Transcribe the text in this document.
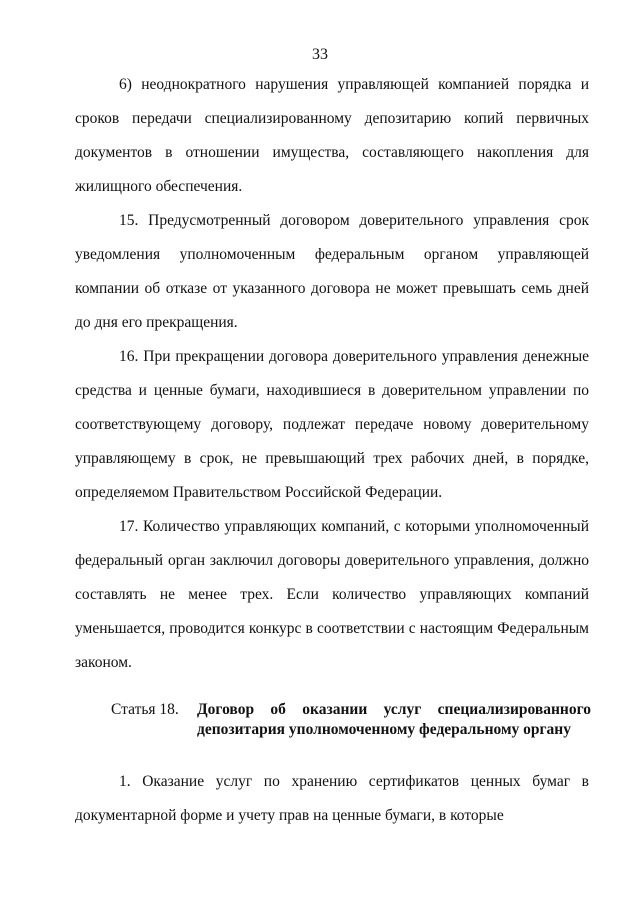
33

6) неоднократного нарушения управляющей компанией порядка и сроков передачи специализированному депозитарию копий первичных документов в отношении имущества, составляющего накопления для жилищного обеспечения.

15. Предусмотренный договором доверительного управления срок уведомления уполномоченным федеральным органом управляющей компании об отказе от указанного договора не может превышать семь дней до дня его прекращения.

16. При прекращении договора доверительного управления денежные средства и ценные бумаги, находившиеся в доверительном управлении по соответствующему договору, подлежат передаче новому доверительному управляющему в срок, не превышающий трех рабочих дней, в порядке, определяемом Правительством Российской Федерации.

17. Количество управляющих компаний, с которыми уполномоченный федеральный орган заключил договоры доверительного управления, должно составлять не менее трех. Если количество управляющих компаний уменьшается, проводится конкурс в соответствии с настоящим Федеральным законом.

Статья 18.	Договор об оказании услуг специализированного депозитария уполномоченному федеральному органу

1. Оказание услуг по хранению сертификатов ценных бумаг в документарной форме и учету прав на ценные бумаги, в которые
